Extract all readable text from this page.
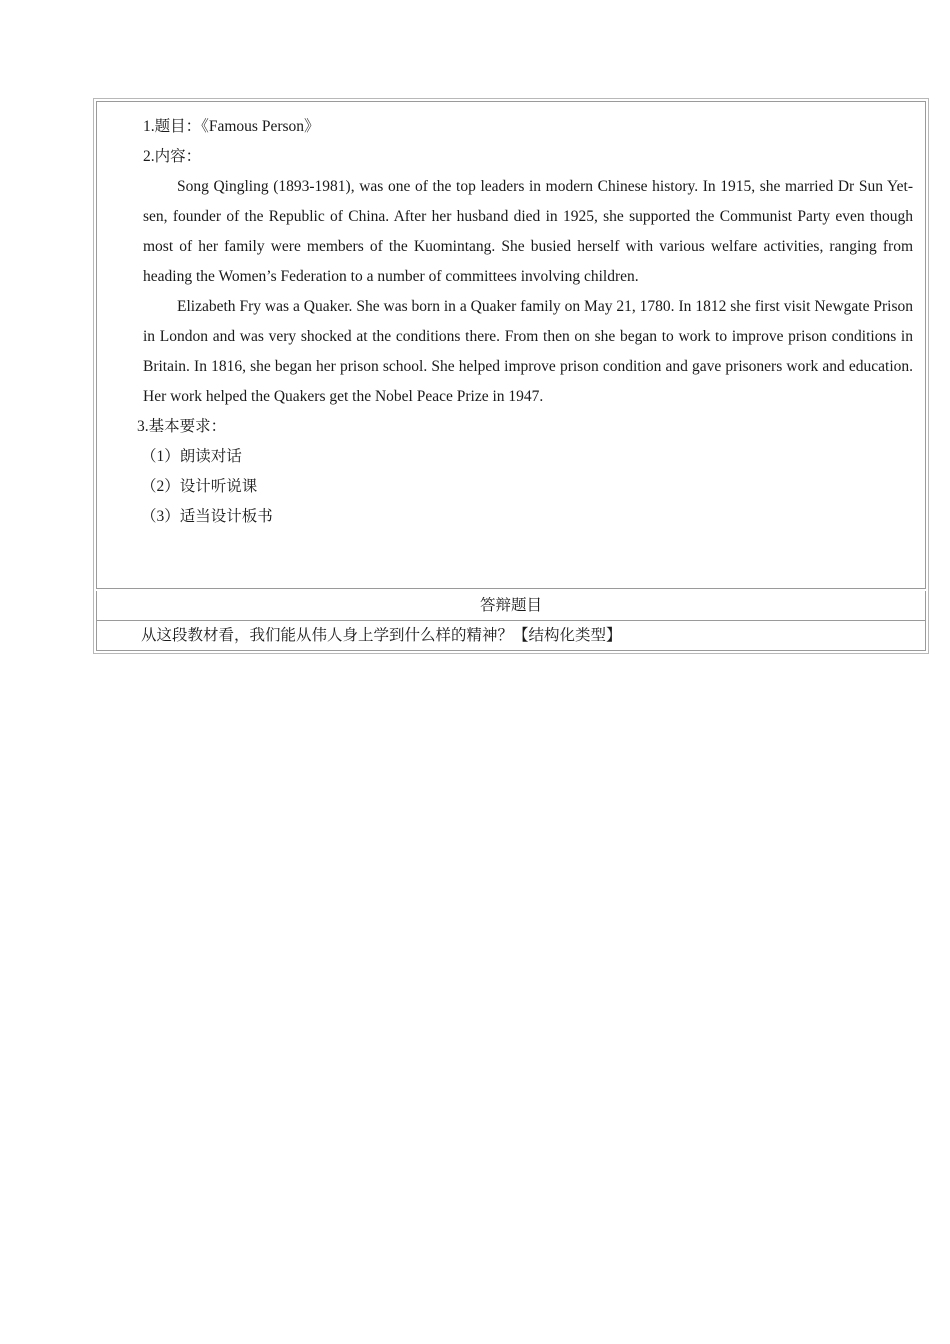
1.题目：《Famous Person》
2.内容：

Song Qingling (1893-1981), was one of the top leaders in modern Chinese history. In 1915, she married Dr Sun Yet-sen, founder of the Republic of China. After her husband died in 1925, she supported the Communist Party even though most of her family were members of the Kuomintang. She busied herself with various welfare activities, ranging from heading the Women’s Federation to a number of committees involving children.

Elizabeth Fry was a Quaker. She was born in a Quaker family on May 21, 1780. In 1812 she first visit Newgate Prison in London and was very shocked at the conditions there. From then on she began to work to improve prison conditions in Britain. In 1816, she began her prison school. She helped improve prison condition and gave prisoners work and education. Her work helped the Quakers get the Nobel Peace Prize in 1947.

3.基本要求：
（1）朗读对话
（2）设计听说课
（3）适当设计板书
答辩题目
从这段教材看，我们能从伟人身上学到什么样的精神？【结构化类型】
